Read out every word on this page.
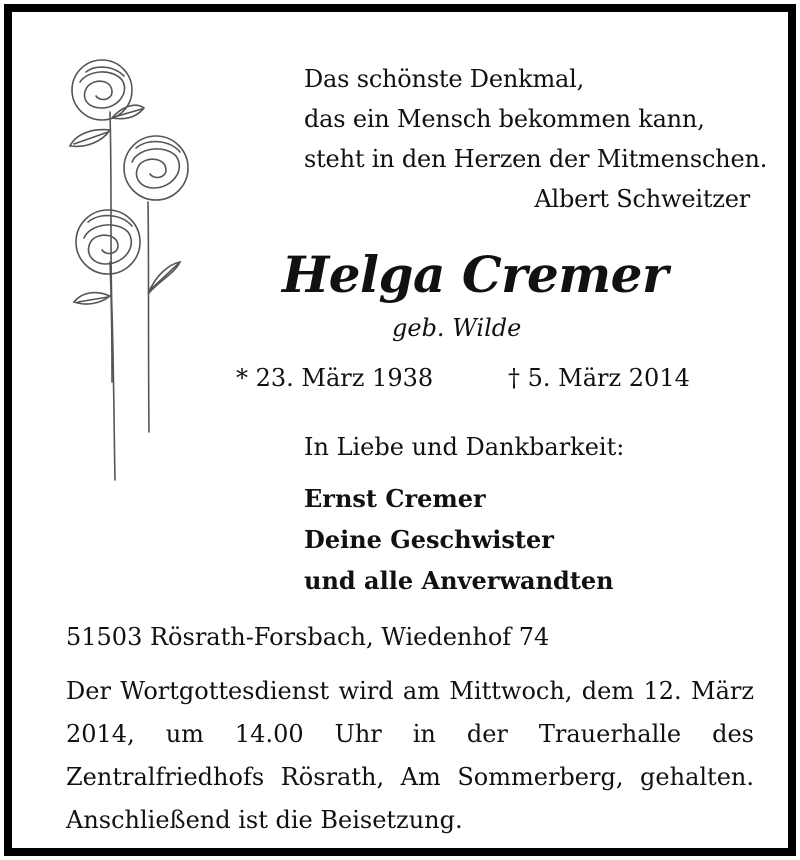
Das schönste Denkmal,
das ein Mensch bekommen kann,
steht in den Herzen der Mitmenschen.
Albert Schweitzer
Helga Cremer
geb. Wilde
* 23. März 1938	† 5. März 2014
In Liebe und Dankbarkeit:
Ernst Cremer
Deine Geschwister
und alle Anverwandten
51503 Rösrath-Forsbach, Wiedenhof 74
Der Wortgottesdienst wird am Mittwoch, dem 12. März 2014, um 14.00 Uhr in der Trauerhalle des Zentralfriedhofs Rösrath, Am Sommerberg, gehalten. Anschließend ist die Beisetzung.
